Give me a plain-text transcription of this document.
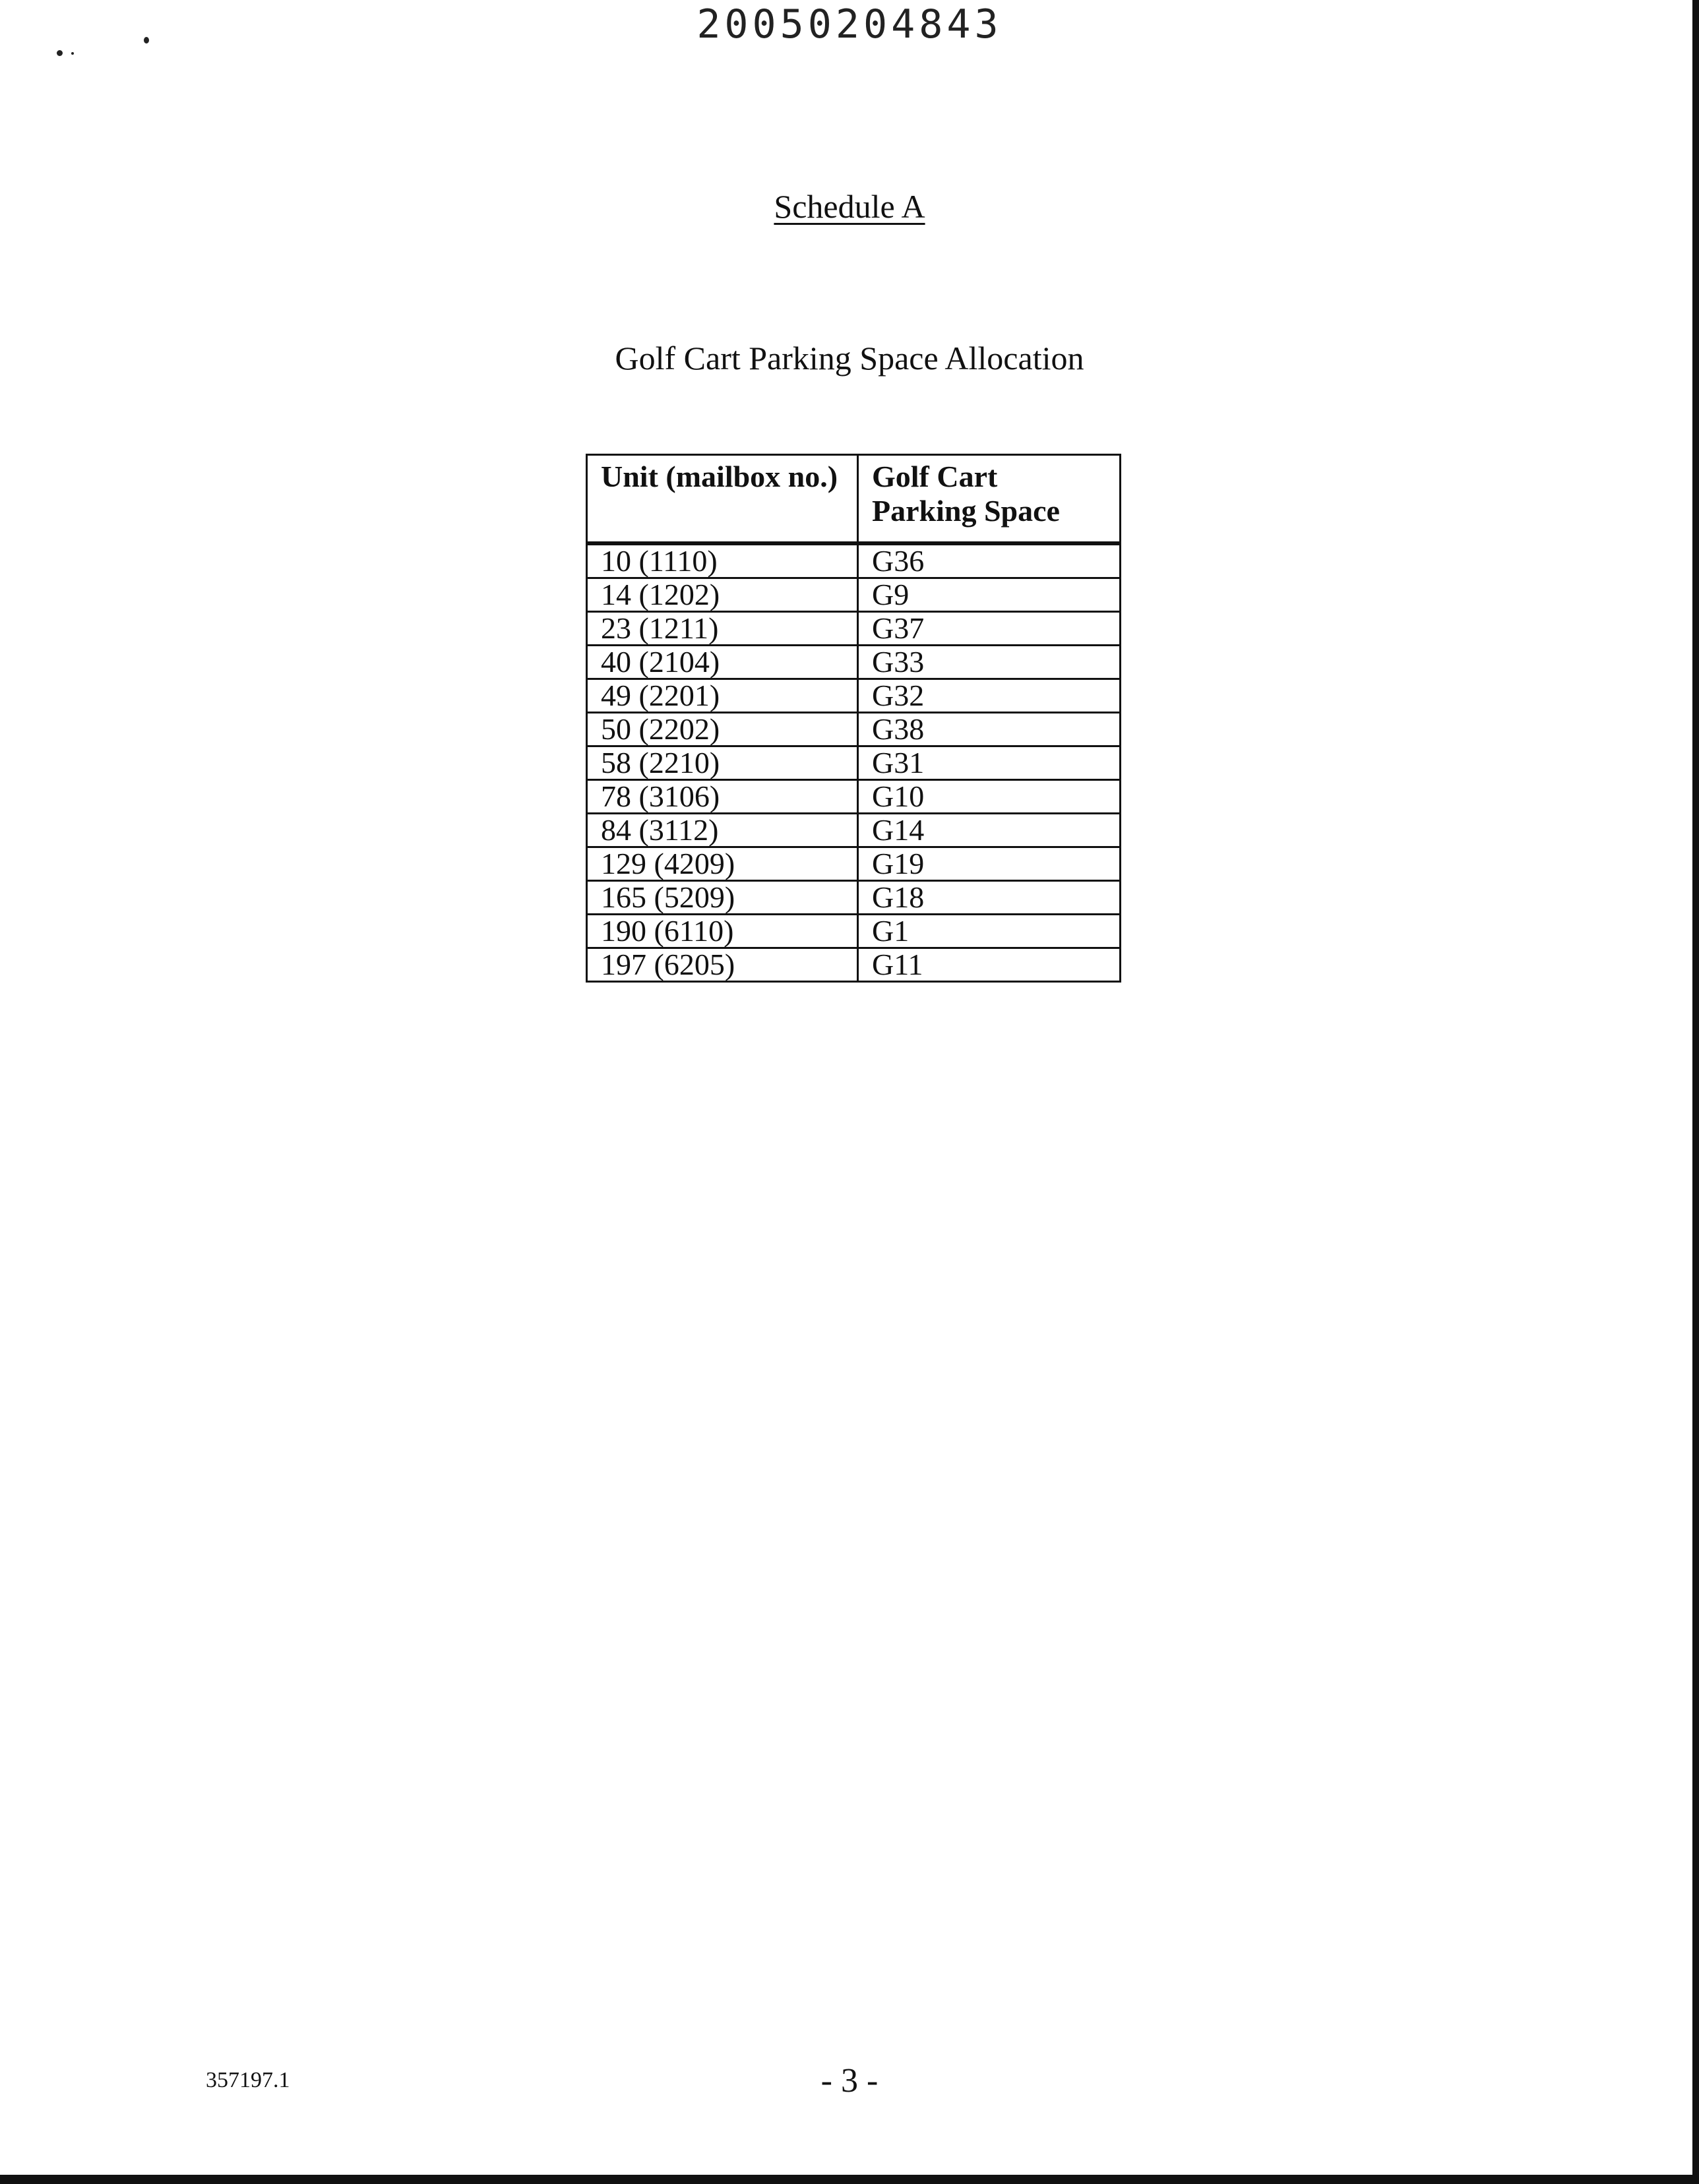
20050204843
Schedule A
Golf Cart Parking Space Allocation
Unit (mailbox no.)	Golf Cart
Parking Space
10 (1110)	G36
14 (1202)	G9
23 (1211)	G37
40 (2104)	G33
49 (2201)	G32
50 (2202)	G38
58 (2210)	G31
78 (3106)	G10
84 (3112)	G14
129 (4209)	G19
165 (5209)	G18
190 (6110)	G1
197 (6205)	G11
357197.1	- 3 -
